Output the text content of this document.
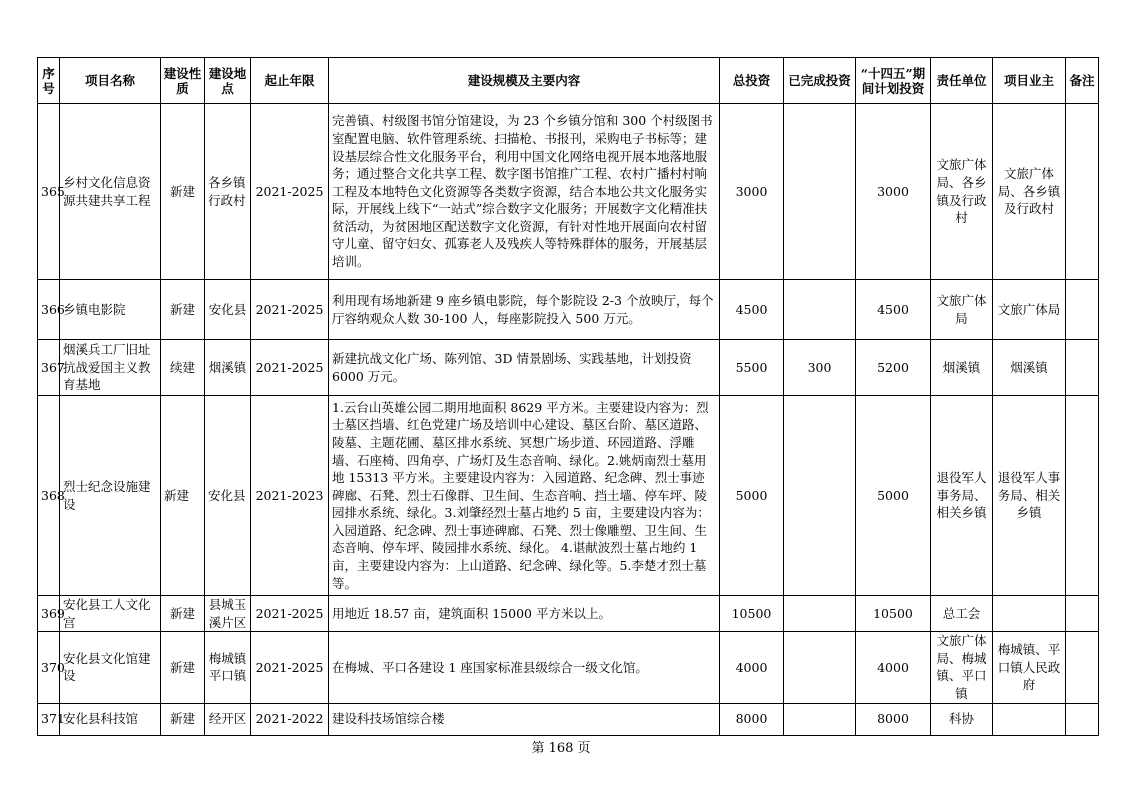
序号	项目名称	建设性质	建设地点	起止年限	建设规模及主要内容	总投资	已完成投资	“十四五”期间计划投资	责任单位	项目业主	备注
365	乡村文化信息资源共建共享工程	新建	各乡镇行政村	2021-2025	完善镇、村级图书馆分馆建设，为 23 个乡镇分馆和 300 个村级图书室配置电脑、软件管理系统、扫描枪、书报刊，采购电子书标等；建设基层综合性文化服务平台，利用中国文化网络电视开展本地落地服务；通过整合文化共享工程、数字图书馆推广工程、农村广播村村响工程及本地特色文化资源等各类数字资源，结合本地公共文化服务实际，开展线上线下“一站式”综合数字文化服务；开展数字文化精准扶贫活动，为贫困地区配送数字文化资源，有针对性地开展面向农村留守儿童、留守妇女、孤寡老人及残疾人等特殊群体的服务，开展基层培训。	3000		3000	文旅广体局、各乡镇及行政村	文旅广体局、各乡镇及行政村	
366	乡镇电影院	新建	安化县	2021-2025	利用现有场地新建 9 座乡镇电影院，每个影院设 2-3 个放映厅，每个厅容纳观众人数 30-100 人，每座影院投入 500 万元。	4500		4500	文旅广体局	文旅广体局	
367	烟溪兵工厂旧址抗战爱国主义教育基地	续建	烟溪镇	2021-2025	新建抗战文化广场、陈列馆、3D 情景剧场、实践基地，计划投资 6000 万元。	5500	300	5200	烟溪镇	烟溪镇	
368	烈士纪念设施建设	新建	安化县	2021-2023	1.云台山英雄公园二期用地面积 8629 平方米。主要建设内容为：烈士墓区挡墙、红色党建广场及培训中心建设、墓区台阶、墓区道路、陵墓、主题花圃、墓区排水系统、冥想广场步道、环园道路、浮雕墙、石座椅、四角亭、广场灯及生态音响、绿化。2.姚炳南烈士墓用地 15313 平方米。主要建设内容为：入园道路、纪念碑、烈士事迹碑廊、石凳、烈士石像群、卫生间、生态音响、挡土墙、停车坪、陵园排水系统、绿化。3.刘肇经烈士墓占地约 5 亩，主要建设内容为：入园道路、纪念碑、烈士事迹碑廊、石凳、烈士像雕塑、卫生间、生态音响、停车坪、陵园排水系统、绿化。 4.谌献波烈士墓占地约 1 亩，主要建设内容为：上山道路、纪念碑、绿化等。5.李楚才烈士墓等。	5000		5000	退役军人事务局、相关乡镇	退役军人事务局、相关乡镇	
369	安化县工人文化宫	新建	县城玉溪片区	2021-2025	用地近 18.57 亩，建筑面积 15000 平方米以上。	10500		10500	总工会		
370	安化县文化馆建设	新建	梅城镇平口镇	2021-2025	在梅城、平口各建设 1 座国家标准县级综合一级文化馆。	4000		4000	文旅广体局、梅城镇、平口镇	梅城镇、平口镇人民政府	
371	安化县科技馆	新建	经开区	2021-2022	建设科技场馆综合楼	8000		8000	科协		
第 168 页
